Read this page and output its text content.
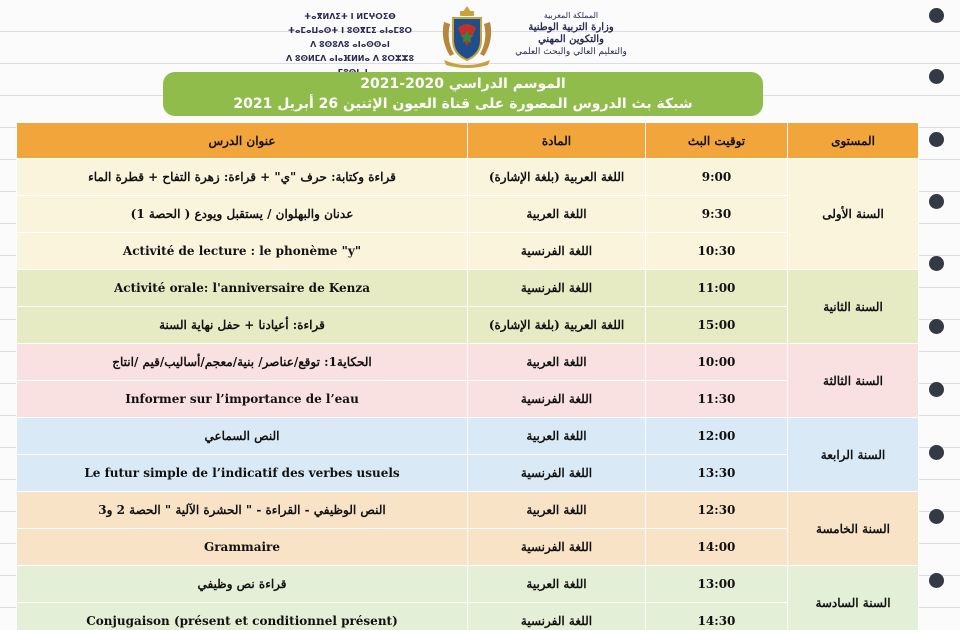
ⵜⴰⴳⵍⴷⵉⵜ ⵏ ⵍⵎⵖⵔⵉⴱ
ⵜⴰⵎⴰⵡⴰⵙⵜ ⵏ ⵓⵙⴳⵎⵉ ⴰⵏⴰⵎⵓⵔ
ⴷ ⵓⵙⵓⴷⵓ ⴰⵏⴰⵙⵙⴰⵏ
ⴷ ⵓⵙⵍⵎⴷ ⴰⵏⴰⴼⵍⵍⴰ ⴷ ⵓⵔⵣⵣⵓ
المملكة المغربية
وزارة التربية الوطنية
والتكوين المهني
والتعليم العالي والبحث العلمي
الموسم الدراسي 2020-2021
شبكة بث الدروس المصورة على قناة العيون الإثنين 26 أبريل 2021
المستوى	توقيت البث	المادة	عنوان الدرس
السنة الأولى	9:00	اللغة العربية (بلغة الإشارة)	قراءة وكتابة: حرف "ي" + قراءة: زهرة التفاح + قطرة الماء
	9:30	اللغة العربية	عدنان والبهلوان / يستقبل ويودع ( الحصة 1)
	10:30	اللغة الفرنسية	Activité de lecture : le phonème "y"
السنة الثانية	11:00	اللغة الفرنسية	Activité orale: l'anniversaire de Kenza
	15:00	اللغة العربية (بلغة الإشارة)	قراءة: أعيادنا + حفل نهاية السنة
السنة الثالثة	10:00	اللغة العربية	الحكاية1: توقع/عناصر/ بنية/معجم/أساليب/قيم /انتاج
	11:30	اللغة الفرنسية	Informer sur l’importance de l’eau
السنة الرابعة	12:00	اللغة العربية	النص السماعي
	13:30	اللغة الفرنسية	Le futur simple de l’indicatif des verbes usuels
السنة الخامسة	12:30	اللغة العربية	النص الوظيفي - القراءة - " الحشرة الآلية " الحصة 2 و3
	14:00	اللغة الفرنسية	Grammaire
السنة السادسة	13:00	اللغة العربية	قراءة نص وظيفي
	14:30	اللغة الفرنسية	Conjugaison (présent et conditionnel présent)
